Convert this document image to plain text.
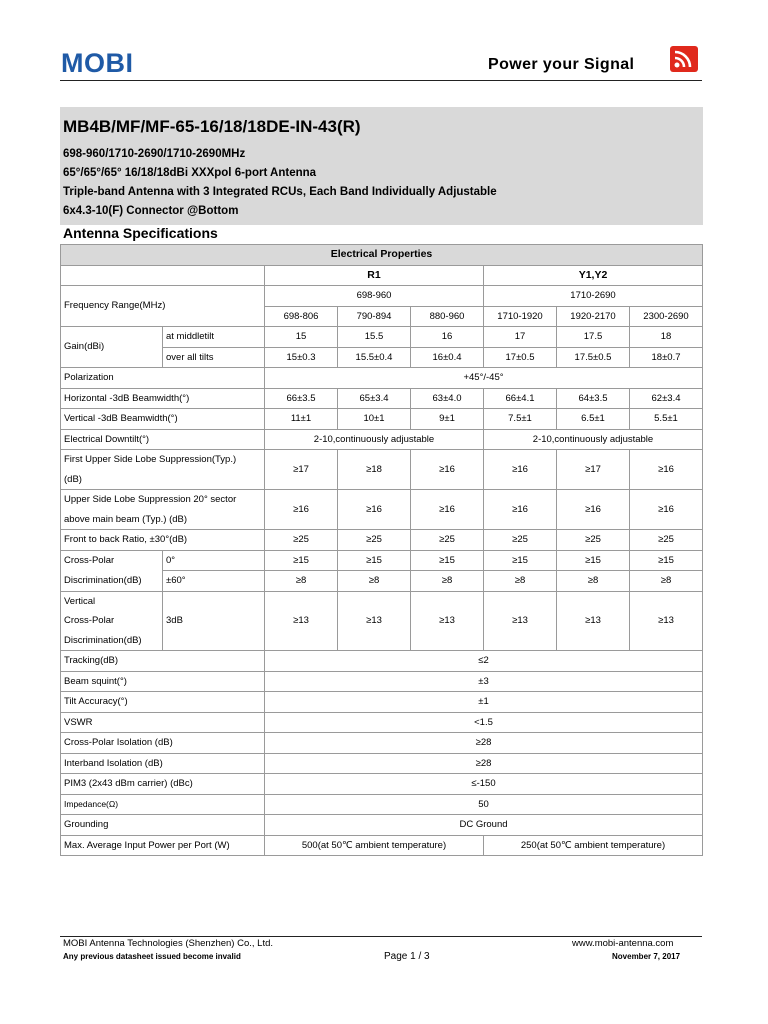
MOBI	Power your Signal
MB4B/MF/MF-65-16/18/18DE-IN-43(R)
698-960/1710-2690/1710-2690MHz
65°/65°/65° 16/18/18dBi XXXpol 6-port Antenna
Triple-band Antenna with 3 Integrated RCUs, Each Band Individually Adjustable
6x4.3-10(F) Connector @Bottom
Antenna Specifications
Electrical Properties							
		R1			Y1,Y2		
Frequency Range(MHz)		698-960			1710-2690		
		698-806	790-894	880-960	1710-1920	1920-2170	2300-2690
Gain(dBi)	at middletilt	15	15.5	16	17	17.5	18
	over all tilts	15±0.3	15.5±0.4	16±0.4	17±0.5	17.5±0.5	18±0.7
Polarization		+45°/-45°					
Horizontal -3dB Beamwidth(°)		66±3.5	65±3.4	63±4.0	66±4.1	64±3.5	62±3.4
Vertical -3dB Beamwidth(°)		11±1	10±1	9±1	7.5±1	6.5±1	5.5±1
Electrical Downtilt(°)		2-10,continuously adjustable			2-10,continuously adjustable		

First Upper Side Lobe Suppression(Typ.)
(dB)		≥17	≥18	≥16	≥16	≥17	≥16

Upper Side Lobe Suppression 20° sector
above main beam (Typ.) (dB)		≥16	≥16	≥16	≥16	≥16	≥16
Front to back Ratio, ±30°(dB)		≥25	≥25	≥25	≥25	≥25	≥25

Cross-Polar
Discrimination(dB)	0°	≥15	≥15	≥15	≥15	≥15	≥15
	±60°	≥8	≥8	≥8	≥8	≥8	≥8

Vertical
Cross-Polar
Discrimination(dB)	3dB	≥13	≥13	≥13	≥13	≥13	≥13
Tracking(dB)		≤2					
Beam squint(°)		±3					
Tilt Accuracy(°)		±1					
VSWR		<1.5					
Cross-Polar Isolation (dB)		≥28					
Interband Isolation (dB)		≥28					
PIM3 (2x43 dBm carrier) (dBc)		≤-150					
Impedance(Ω)		50					
Grounding		DC Ground					
Max. Average Input Power per Port (W)		500(at 50℃ ambient temperature)			250(at 50℃ ambient temperature)		
MOBI Antenna Technologies (Shenzhen) Co., Ltd.	www.mobi-antenna.com
Any previous datasheet issued become invalid	Page 1 / 3	November 7, 2017
